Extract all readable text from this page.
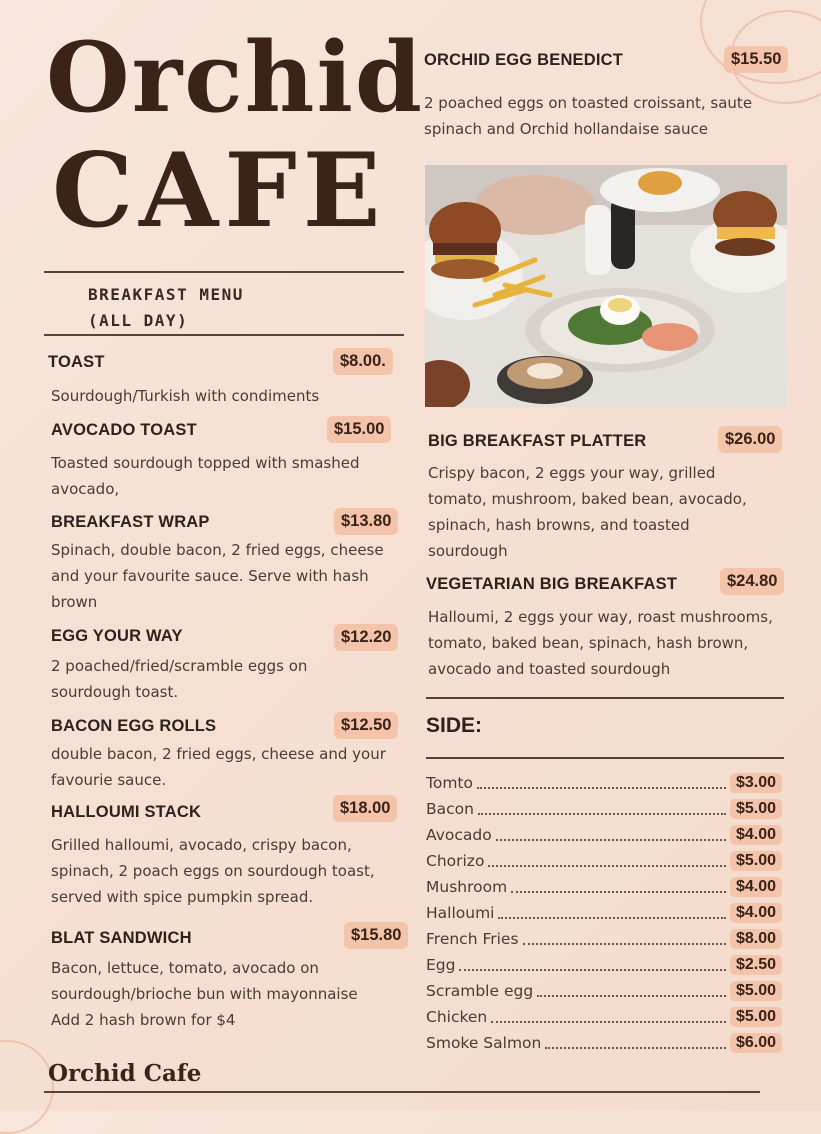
Orchid
CAFE
BREAKFAST MENU
(ALL DAY)
TOAST	$8.00.
Sourdough/Turkish with condiments
AVOCADO TOAST	$15.00
Toasted sourdough topped with smashed
avocado,
BREAKFAST WRAP	$13.80
Spinach, double bacon, 2 fried eggs, cheese
and your favourite sauce. Serve with hash
brown
EGG YOUR WAY	$12.20
2 poached/fried/scramble eggs on
sourdough toast.
BACON EGG ROLLS	$12.50
double bacon, 2 fried eggs, cheese and your
favourie sauce.
HALLOUMI STACK	$18.00
Grilled halloumi, avocado, crispy bacon,
spinach, 2 poach eggs on sourdough toast,
served with spice pumpkin spread.
BLAT SANDWICH	$15.80
Bacon, lettuce, tomato, avocado on
sourdough/brioche bun with mayonnaise
Add 2 hash brown for $4
ORCHID EGG BENEDICT	$15.50
2 poached eggs on toasted croissant, saute
spinach and Orchid hollandaise sauce
BIG BREAKFAST PLATTER	$26.00
Crispy bacon, 2 eggs your way, grilled
tomato, mushroom, baked bean, avocado,
spinach, hash browns, and toasted
sourdough
VEGETARIAN BIG BREAKFAST	$24.80
Halloumi, 2 eggs your way, roast mushrooms,
tomato, baked bean, spinach, hash brown,
avocado and toasted sourdough
SIDE:
Tomto	$3.00
Bacon	$5.00
Avocado	$4.00
Chorizo	$5.00
Mushroom	$4.00
Halloumi	$4.00
French Fries	$8.00
Egg	$2.50
Scramble egg	$5.00
Chicken	$5.00
Smoke Salmon	$6.00
Orchid Cafe
